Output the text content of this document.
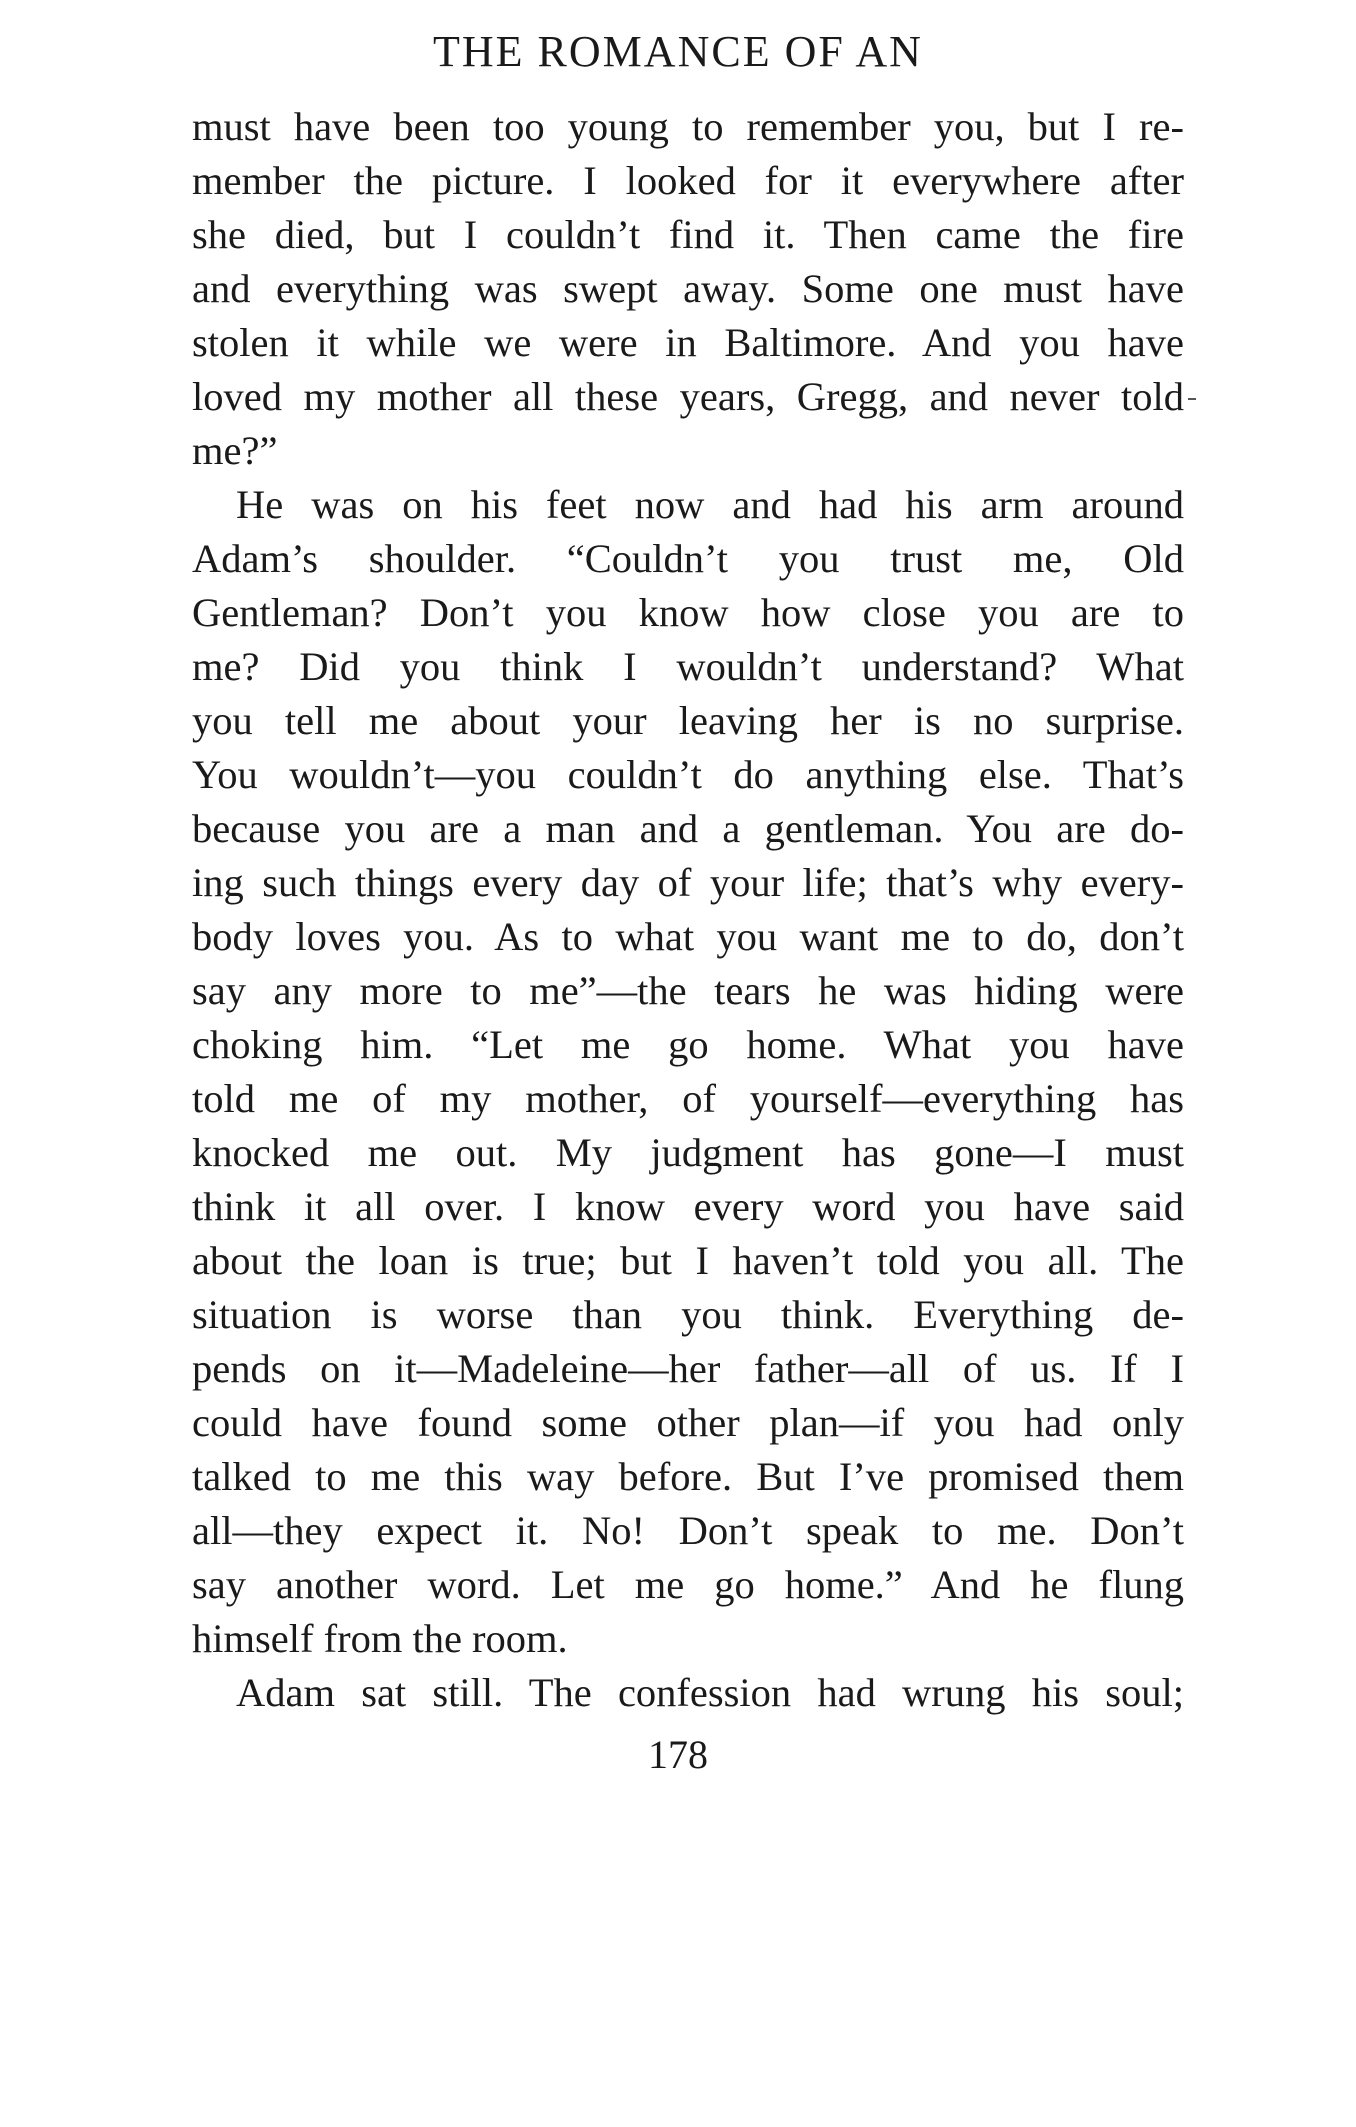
THE ROMANCE OF AN
must have been too young to remember you, but I re-
member the picture. I looked for it everywhere after
she died, but I couldn’t find it. Then came the fire
and everything was swept away. Some one must have
stolen it while we were in Baltimore. And you have
loved my mother all these years, Gregg, and never told
me?”
He was on his feet now and had his arm around
Adam’s shoulder. “Couldn’t you trust me, Old
Gentleman? Don’t you know how close you are to
me? Did you think I wouldn’t understand? What
you tell me about your leaving her is no surprise.
You wouldn’t—you couldn’t do anything else. That’s
because you are a man and a gentleman. You are do-
ing such things every day of your life; that’s why every-
body loves you. As to what you want me to do, don’t
say any more to me”—the tears he was hiding were
choking him. “Let me go home. What you have
told me of my mother, of yourself—everything has
knocked me out. My judgment has gone—I must
think it all over. I know every word you have said
about the loan is true; but I haven’t told you all. The
situation is worse than you think. Everything de-
pends on it—Madeleine—her father—all of us. If I
could have found some other plan—if you had only
talked to me this way before. But I’ve promised them
all—they expect it. No! Don’t speak to me. Don’t
say another word. Let me go home.” And he flung
himself from the room.
Adam sat still. The confession had wrung his soul;
178
